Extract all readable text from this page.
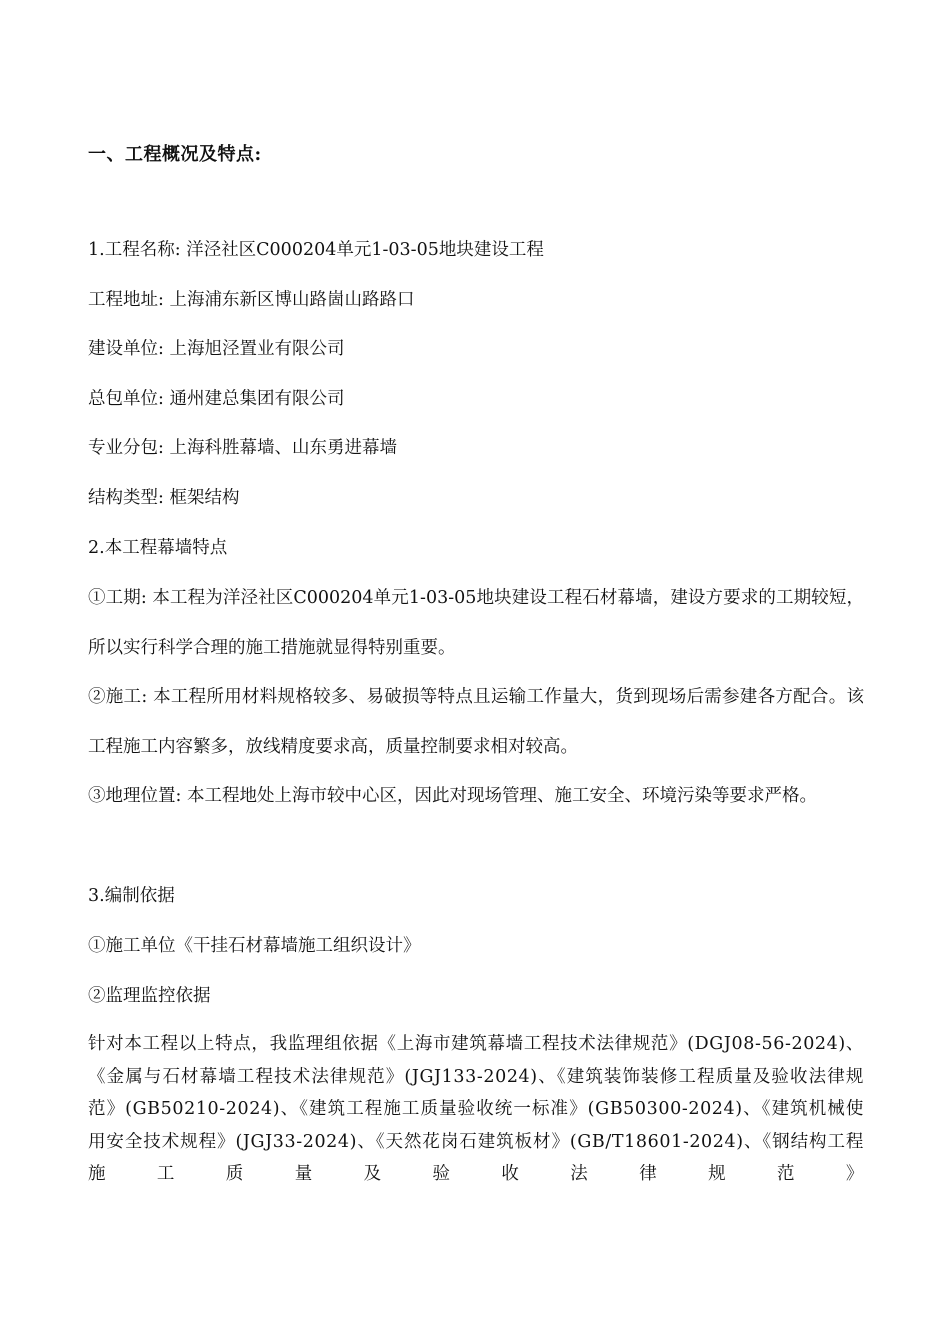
一、工程概况及特点:
1.工程名称: 洋泾社区C000204单元1-03-05地块建设工程
工程地址: 上海浦东新区博山路崮山路路口
建设单位: 上海旭泾置业有限公司
总包单位: 通州建总集团有限公司
专业分包: 上海科胜幕墙、山东勇进幕墙
结构类型: 框架结构
2.本工程幕墙特点
①工期: 本工程为洋泾社区C000204单元1-03-05地块建设工程石材幕墙，建设方要求的工期较短，所以实行科学合理的施工措施就显得特别重要。
②施工: 本工程所用材料规格较多、易破损等特点且运输工作量大，货到现场后需参建各方配合。该工程施工内容繁多，放线精度要求高，质量控制要求相对较高。
③地理位置: 本工程地处上海市较中心区，因此对现场管理、施工安全、环境污染等要求严格。
3.编制依据
①施工单位《干挂石材幕墙施工组织设计》
②监理监控依据
针对本工程以上特点，我监理组依据《上海市建筑幕墙工程技术法律规范》(DGJ08-56-2024)、《金属与石材幕墙工程技术法律规范》(JGJ133-2024)、《建筑装饰装修工程质量及验收法律规范》(GB50210-2024)、《建筑工程施工质量验收统一标准》(GB50300-2024)、《建筑机械使用安全技术规程》(JGJ33-2024)、《天然花岗石建筑板材》(GB/T18601-2024)、《钢结构工程施工质量及验收法律规范》
